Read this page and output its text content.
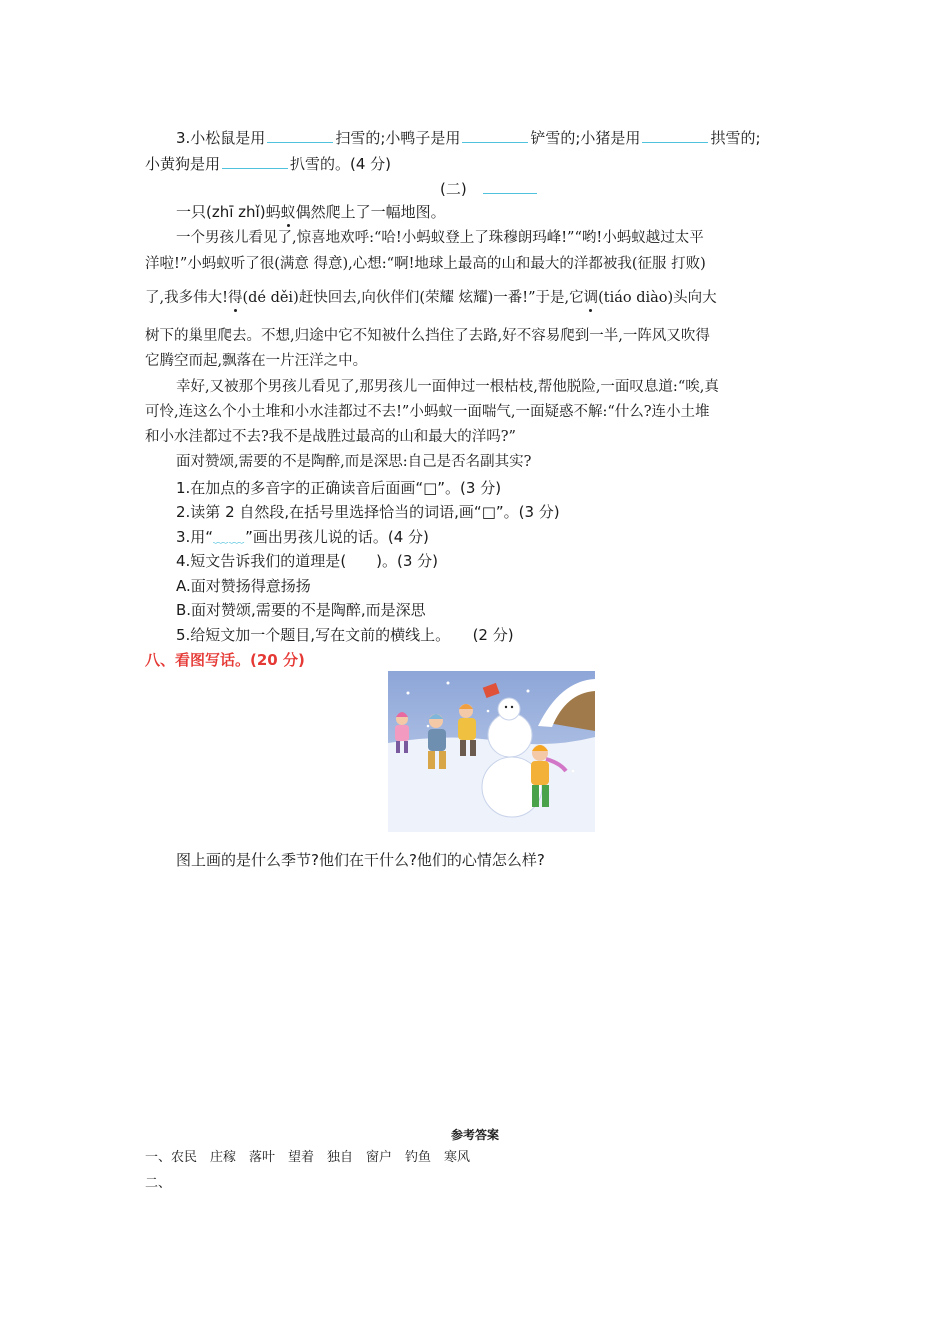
3.小松鼠是用	扫雪的;小鸭子是用	铲雪的;小猪是用	拱雪的;
小黄狗是用	扒雪的。(4 分)
(二)
一只(zhī zhǐ)蚂蚁偶然爬上了一幅地图。
一个男孩儿看见了,惊喜地欢呼:“哈!小蚂蚁登上了珠穆朗玛峰!”“哟!小蚂蚁越过太平
洋啦!”小蚂蚁听了很(满意 得意),心想:“啊!地球上最高的山和最大的洋都被我(征服 打败)
了,我多伟大!得(dé děi)赶快回去,向伙伴们(荣耀 炫耀)一番!”于是,它调(tiáo diào)头向大
树下的巢里爬去。不想,归途中它不知被什么挡住了去路,好不容易爬到一半,一阵风又吹得
它腾空而起,飘落在一片汪洋之中。
幸好,又被那个男孩儿看见了,那男孩儿一面伸过一根枯枝,帮他脱险,一面叹息道:“唉,真
可怜,连这么个小土堆和小水洼都过不去!”小蚂蚁一面喘气,一面疑惑不解:“什么?连小土堆
和小水洼都过不去?我不是战胜过最高的山和最大的洋吗?”
面对赞颂,需要的不是陶醉,而是深思:自己是否名副其实?
1.在加点的多音字的正确读音后面画“□”。(3 分)
2.读第 2 自然段,在括号里选择恰当的词语,画“□”。(3 分)
3.用“﹏﹏”画出男孩儿说的话。(4 分)
4.短文告诉我们的道理是(　　)。(3 分)
A.面对赞扬得意扬扬
B.面对赞颂,需要的不是陶醉,而是深思
5.给短文加一个题目,写在文前的横线上。　　(2 分)
八、看图写话。(20 分)
图上画的是什么季节?他们在干什么?他们的心情怎么样?
参考答案
一、农民　庄稼　落叶　望着　独自　窗户　钓鱼　寒风
二、
